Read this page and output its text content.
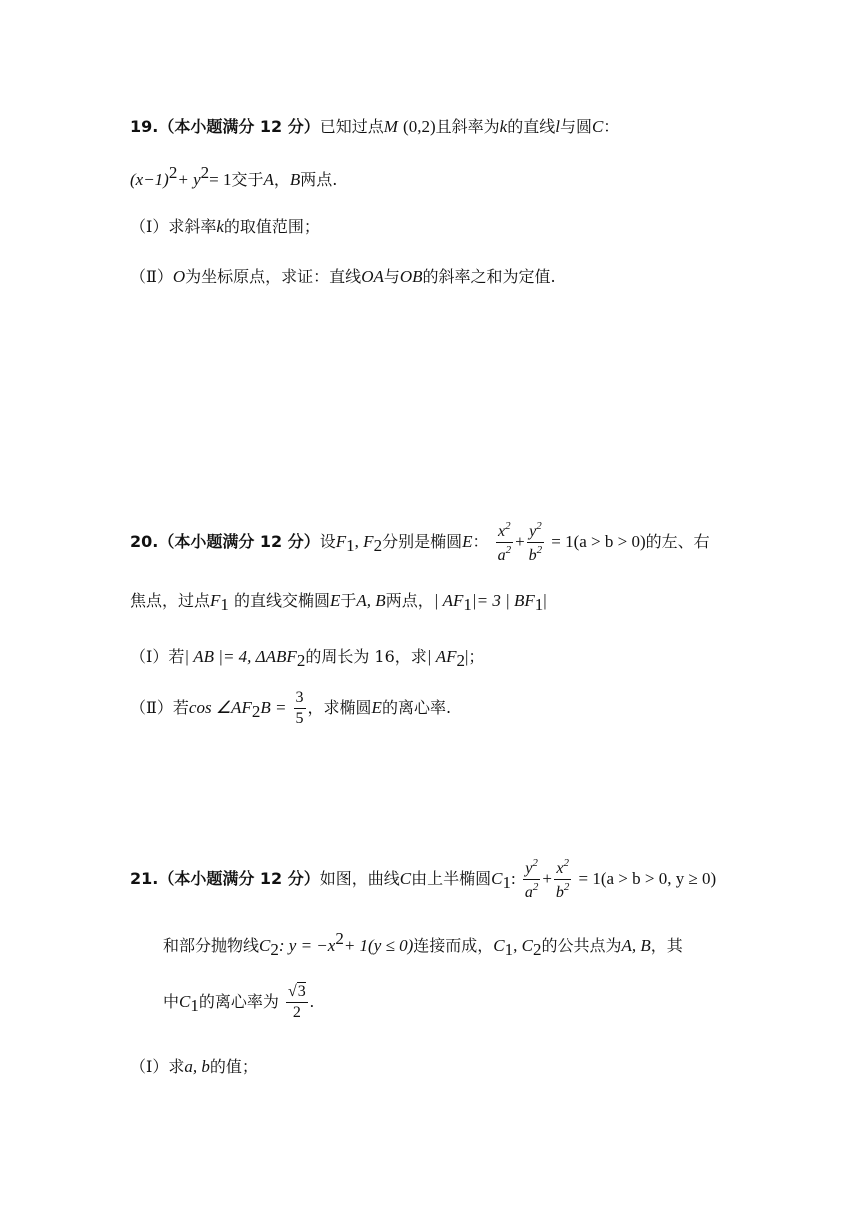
19.（本小题满分 12 分）已知过点M (0,2)且斜率为k的直线l与圆C：
$(x-1)^2+ y^2= 1$交于A，B两点.
（Ⅰ）求斜率k的取值范围；
（Ⅱ）O为坐标原点，求证：直线OA与OB的斜率之和为定值.
20.（本小题满分 12 分）设$F_1$, $F_2$分别是椭圆E： $\frac{x^2}{a^2} + \frac{y^2}{b^2} = 1(a > b > 0)$的左、右
焦点，过点$F_1$ 的直线交椭圆E于A, B两点，| $AF_1|= 3$ | $BF_1|$
（Ⅰ）若| AB |= 4, $\Delta ABF_2$的周长为 16，求| $AF_2|$；
（Ⅱ）若$\cos \angle AF_2B = \frac{3}{5}$ ，求椭圆E的离心率.
21.（本小题满分 12 分）如图，曲线C由上半椭圆$C_1$: $\frac{y^2}{a^2} + \frac{x^2}{b^2} = 1(a > b > 0$, y ≥ 0)
和部分抛物线$C_2$: $y = -x^2+ 1(y \le 0)$连接而成，$C_1$, $C_2$的公共点为A, B，其
中$C_1$的离心率为 $\frac{√3}{2}$ .
（Ⅰ）求a, b的值；
